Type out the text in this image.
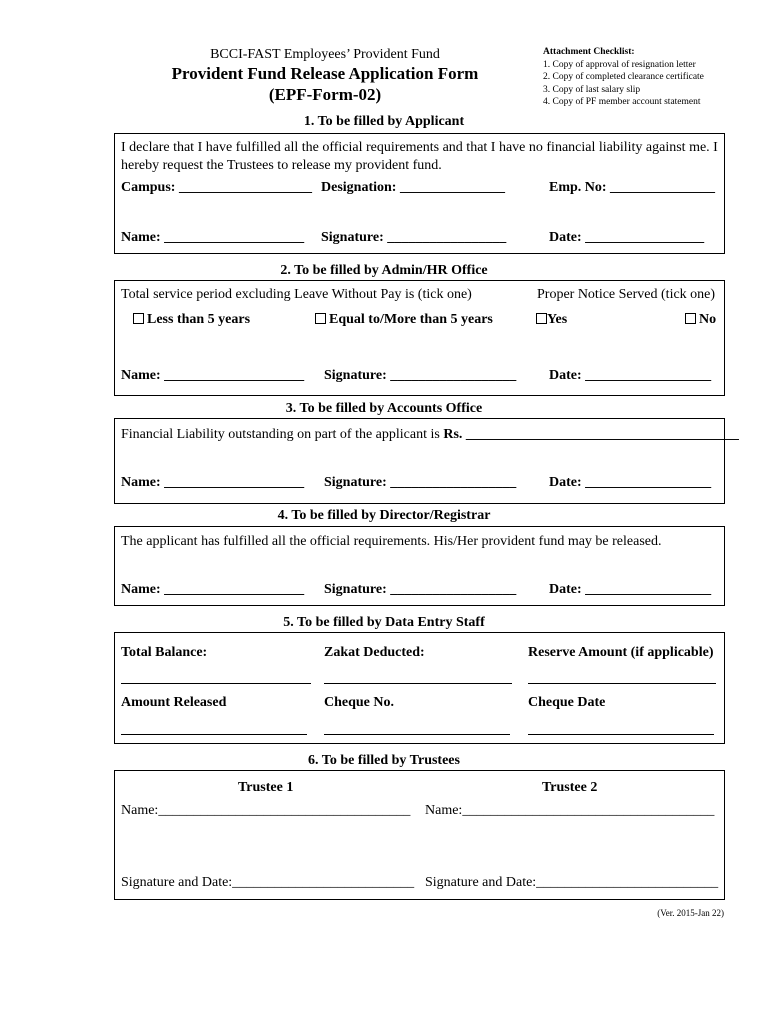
BCCI-FAST Employees’ Provident Fund
Provident Fund Release Application Form
(EPF-Form-02)
Attachment Checklist:
1. Copy of approval of resignation letter
2. Copy of completed clearance certificate
3. Copy of last salary slip
4. Copy of PF member account statement
1. To be filled by Applicant
I declare that I have fulfilled all the official requirements and that I have no financial liability against me. I hereby request the Trustees to release my provident fund.
Campus: ___________________ Designation: _______________	Emp. No: _______________
Name: ____________________ Signature: _________________	Date: _________________
2. To be filled by Admin/HR Office
Total service period excluding Leave Without Pay is (tick one)	Proper Notice Served (tick one)
Less than 5 years	Equal to/More than 5 years	Yes	No
Name: ____________________ Signature: __________________ Date: __________________
3. To be filled by Accounts Office
Financial Liability outstanding on part of the applicant is Rs. _______________________________________
Name: ____________________ Signature: __________________ Date: __________________
4. To be filled by Director/Registrar
The applicant has fulfilled all the official requirements. His/Her provident fund may be released.
Name: ____________________ Signature: __________________ Date: __________________
5. To be filled by Data Entry Staff
Total Balance:	Zakat Deducted:	Reserve Amount (if applicable)
Amount Released	Cheque No.	Cheque Date
6. To be filled by Trustees
Trustee 1	Trustee 2
Name:____________________________________ Name:____________________________________
Signature and Date:__________________________ Signature and Date:__________________________
(Ver. 2015-Jan 22)
